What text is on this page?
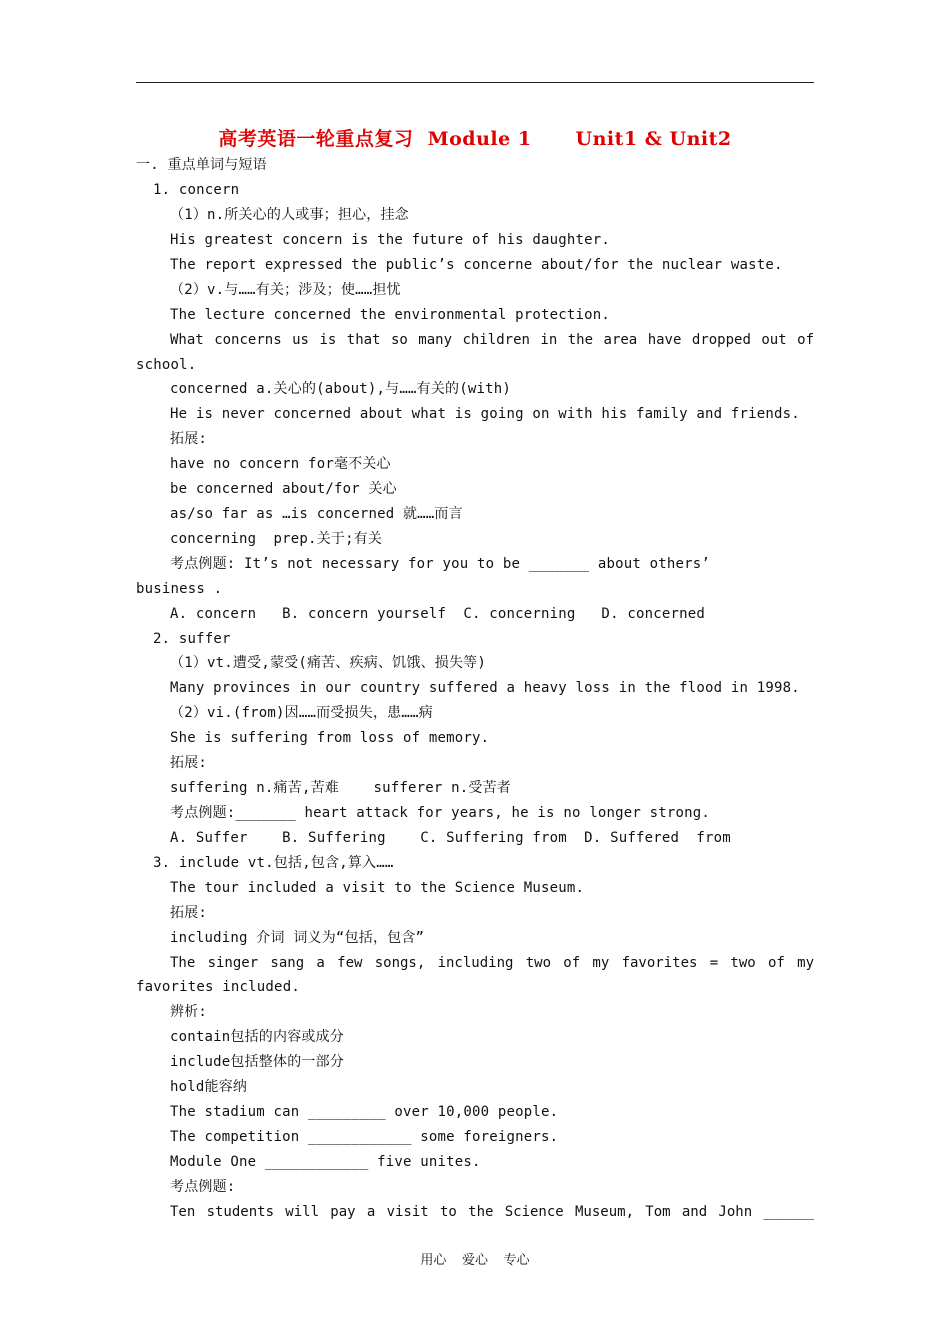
高考英语一轮重点复习 Module 1 Unit1 & Unit2
一. 重点单词与短语
1. concern
（1）n.所关心的人或事；担心，挂念
His greatest concern is the future of his daughter.
The report expressed the public’s concerne about/for the nuclear waste.
（2）v.与……有关；涉及；使……担忧
The lecture concerned the environmental protection.
What concerns us is that so many children in the area have dropped out of
school.
concerned a.关心的(about),与……有关的(with)
He is never concerned about what is going on with his family and friends.
拓展:
have no concern for毫不关心
be concerned about/for 关心
as/so far as …is concerned 就……而言
concerning  prep.关于;有关
考点例题: It’s not necessary for you to be _______ about others’
business .
A. concern   B. concern yourself  C. concerning   D. concerned
2. suffer
（1）vt.遭受,蒙受(痛苦、疾病、饥饿、损失等)
Many provinces in our country suffered a heavy loss in the flood in 1998.
（2）vi.(from)因……而受损失，患……病
She is suffering from loss of memory.
拓展:
suffering n.痛苦,苦难    sufferer n.受苦者
考点例题:_______ heart attack for years, he is no longer strong.
A. Suffer    B. Suffering    C. Suffering from  D. Suffered  from
3. include vt.包括,包含,算入……
The tour included a visit to the Science Museum.
拓展:
including 介词 词义为“包括，包含”
The singer sang a few songs, including two of my favorites = two of my
favorites included.
辨析:
contain包括的内容或成分
include包括整体的一部分
hold能容纳
The stadium can _________ over 10,000 people.
The competition ____________ some foreigners.
Module One ____________ five unites.
考点例题:
Ten students will pay a visit to the Science Museum, Tom and John ______
用心  爱心  专心
